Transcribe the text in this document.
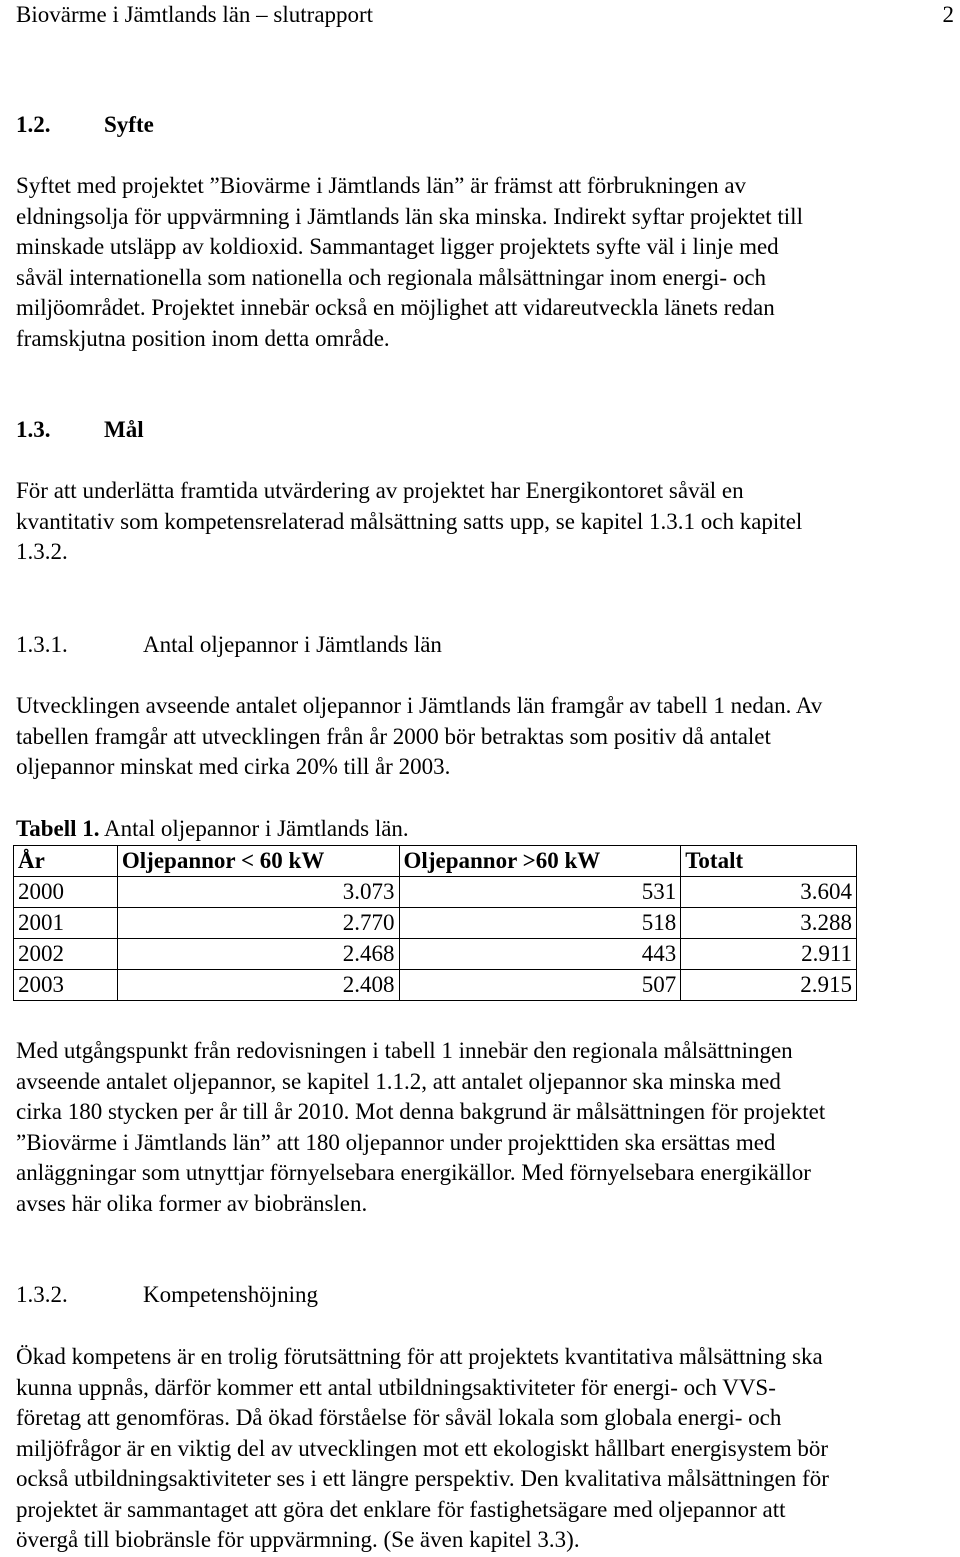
Biovärme i Jämtlands län – slutrapport	2
1.2. Syfte
Syftet med projektet ”Biovärme i Jämtlands län” är främst att förbrukningen av
eldningsolja för uppvärmning i Jämtlands län ska minska. Indirekt syftar projektet till
minskade utsläpp av koldioxid. Sammantaget ligger projektets syfte väl i linje med
såväl internationella som nationella och regionala målsättningar inom energi- och
miljöområdet. Projektet innebär också en möjlighet att vidareutveckla länets redan
framskjutna position inom detta område.
1.3. Mål
För att underlätta framtida utvärdering av projektet har Energikontoret såväl en
kvantitativ som kompetensrelaterad målsättning satts upp, se kapitel 1.3.1 och kapitel
1.3.2.
1.3.1.	Antal oljepannor i Jämtlands län
Utvecklingen avseende antalet oljepannor i Jämtlands län framgår av tabell 1 nedan. Av
tabellen framgår att utvecklingen från år 2000 bör betraktas som positiv då antalet
oljepannor minskat med cirka 20% till år 2003.
Tabell 1. Antal oljepannor i Jämtlands län.
År	Oljepannor < 60 kW	Oljepannor >60 kW	Totalt
2000	3.073	531	3.604
2001	2.770	518	3.288
2002	2.468	443	2.911
2003	2.408	507	2.915
Med utgångspunkt från redovisningen i tabell 1 innebär den regionala målsättningen
avseende antalet oljepannor, se kapitel 1.1.2, att antalet oljepannor ska minska med
cirka 180 stycken per år till år 2010. Mot denna bakgrund är målsättningen för projektet
”Biovärme i Jämtlands län” att 180 oljepannor under projekttiden ska ersättas med
anläggningar som utnyttjar förnyelsebara energikällor. Med förnyelsebara energikällor
avses här olika former av biobränslen.
1.3.2.	Kompetenshöjning
Ökad kompetens är en trolig förutsättning för att projektets kvantitativa målsättning ska
kunna uppnås, därför kommer ett antal utbildningsaktiviteter för energi- och VVS-
företag att genomföras. Då ökad förståelse för såväl lokala som globala energi- och
miljöfrågor är en viktig del av utvecklingen mot ett ekologiskt hållbart energisystem bör
också utbildningsaktiviteter ses i ett längre perspektiv. Den kvalitativa målsättningen för
projektet är sammantaget att göra det enklare för fastighetsägare med oljepannor att
övergå till biobränsle för uppvärmning. (Se även kapitel 3.3).
